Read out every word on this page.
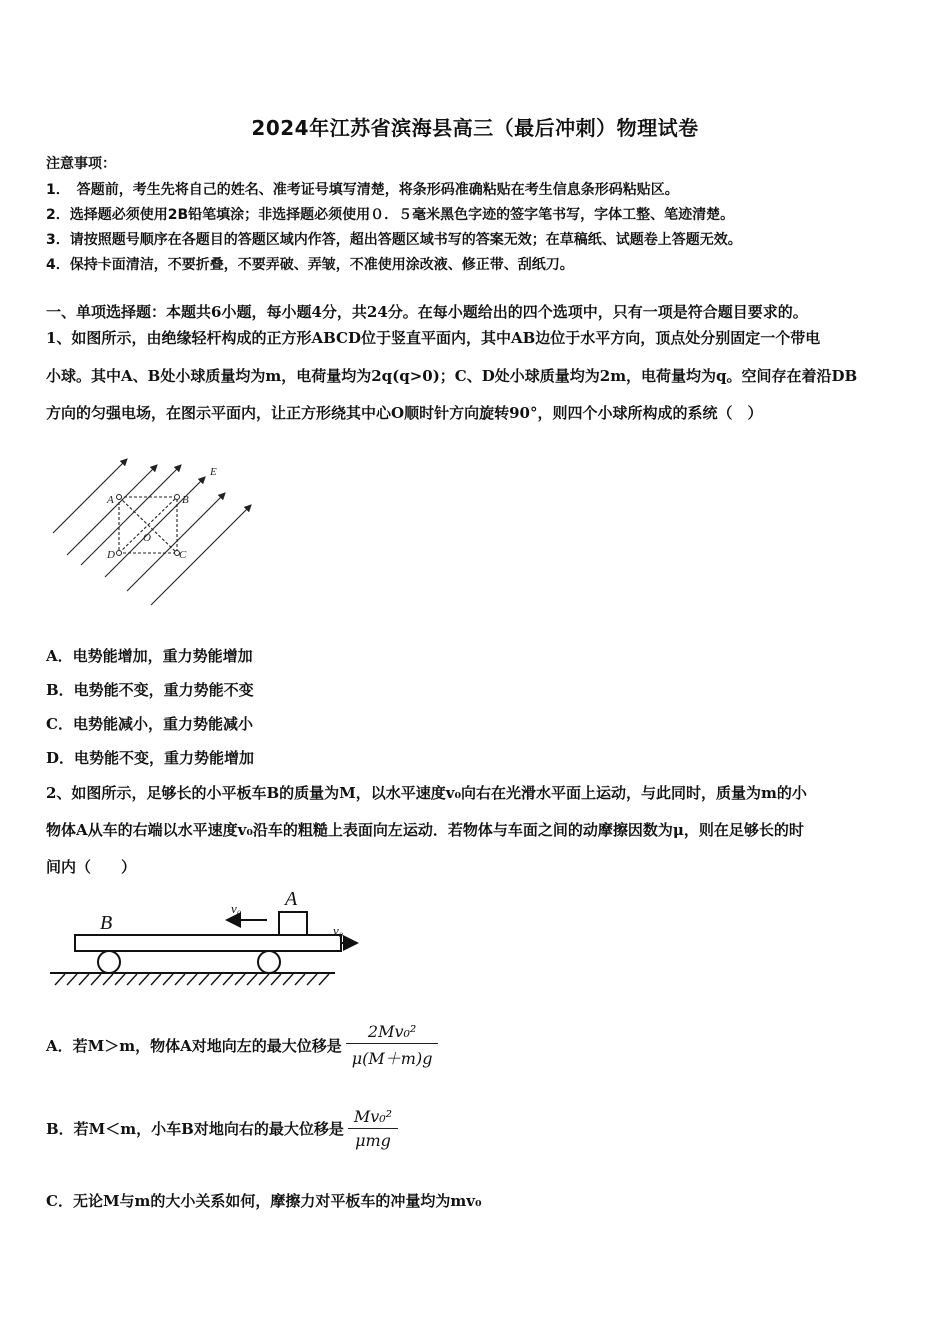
2024年江苏省滨海县高三（最后冲刺）物理试卷
注意事项：
1．　答题前，考生先将自己的姓名、准考证号填写清楚，将条形码准确粘贴在考生信息条形码粘贴区。
2．选择题必须使用2B铅笔填涂；非选择题必须使用０．５毫米黑色字迹的签字笔书写，字体工整、笔迹清楚。
3．请按照题号顺序在各题目的答题区域内作答，超出答题区域书写的答案无效；在草稿纸、试题卷上答题无效。
4．保持卡面清洁，不要折叠，不要弄破、弄皱，不准使用涂改液、修正带、刮纸刀。
一、单项选择题：本题共6小题，每小题4分，共24分。在每小题给出的四个选项中，只有一项是符合题目要求的。
1、如图所示，由绝缘轻杆构成的正方形ABCD位于竖直平面内，其中AB边位于水平方向，顶点处分别固定一个带电
小球。其中A、B处小球质量均为m，电荷量均为2q(q>0)；C、D处小球质量均为2m，电荷量均为q。空间存在着沿DB
方向的匀强电场，在图示平面内，让正方形绕其中心O顺时针方向旋转90°，则四个小球所构成的系统（　）
A	B
C
D
O
E
A．电势能增加，重力势能增加
B．电势能不变，重力势能不变
C．电势能减小，重力势能减小
D．电势能不变，重力势能增加
2、如图所示，足够长的小平板车B的质量为M，以水平速度v₀向右在光滑水平面上运动，与此同时，质量为m的小
物体A从车的右端以水平速度v₀沿车的粗糙上表面向左运动．若物体与车面之间的动摩擦因数为μ，则在足够长的时
间内（　　）
B
A
v₀
v₀
A．若M＞m，物体A对地向左的最大位移是 $\frac{\text{2Mv₀²}}{\mu(M+m)g}$
B．若M＜m，小车B对地向右的最大位移是 $\frac{\text{Mv₀²}}{\text{μmg}}$
C．无论M与m的大小关系如何，摩擦力对平板车的冲量均为mv₀
